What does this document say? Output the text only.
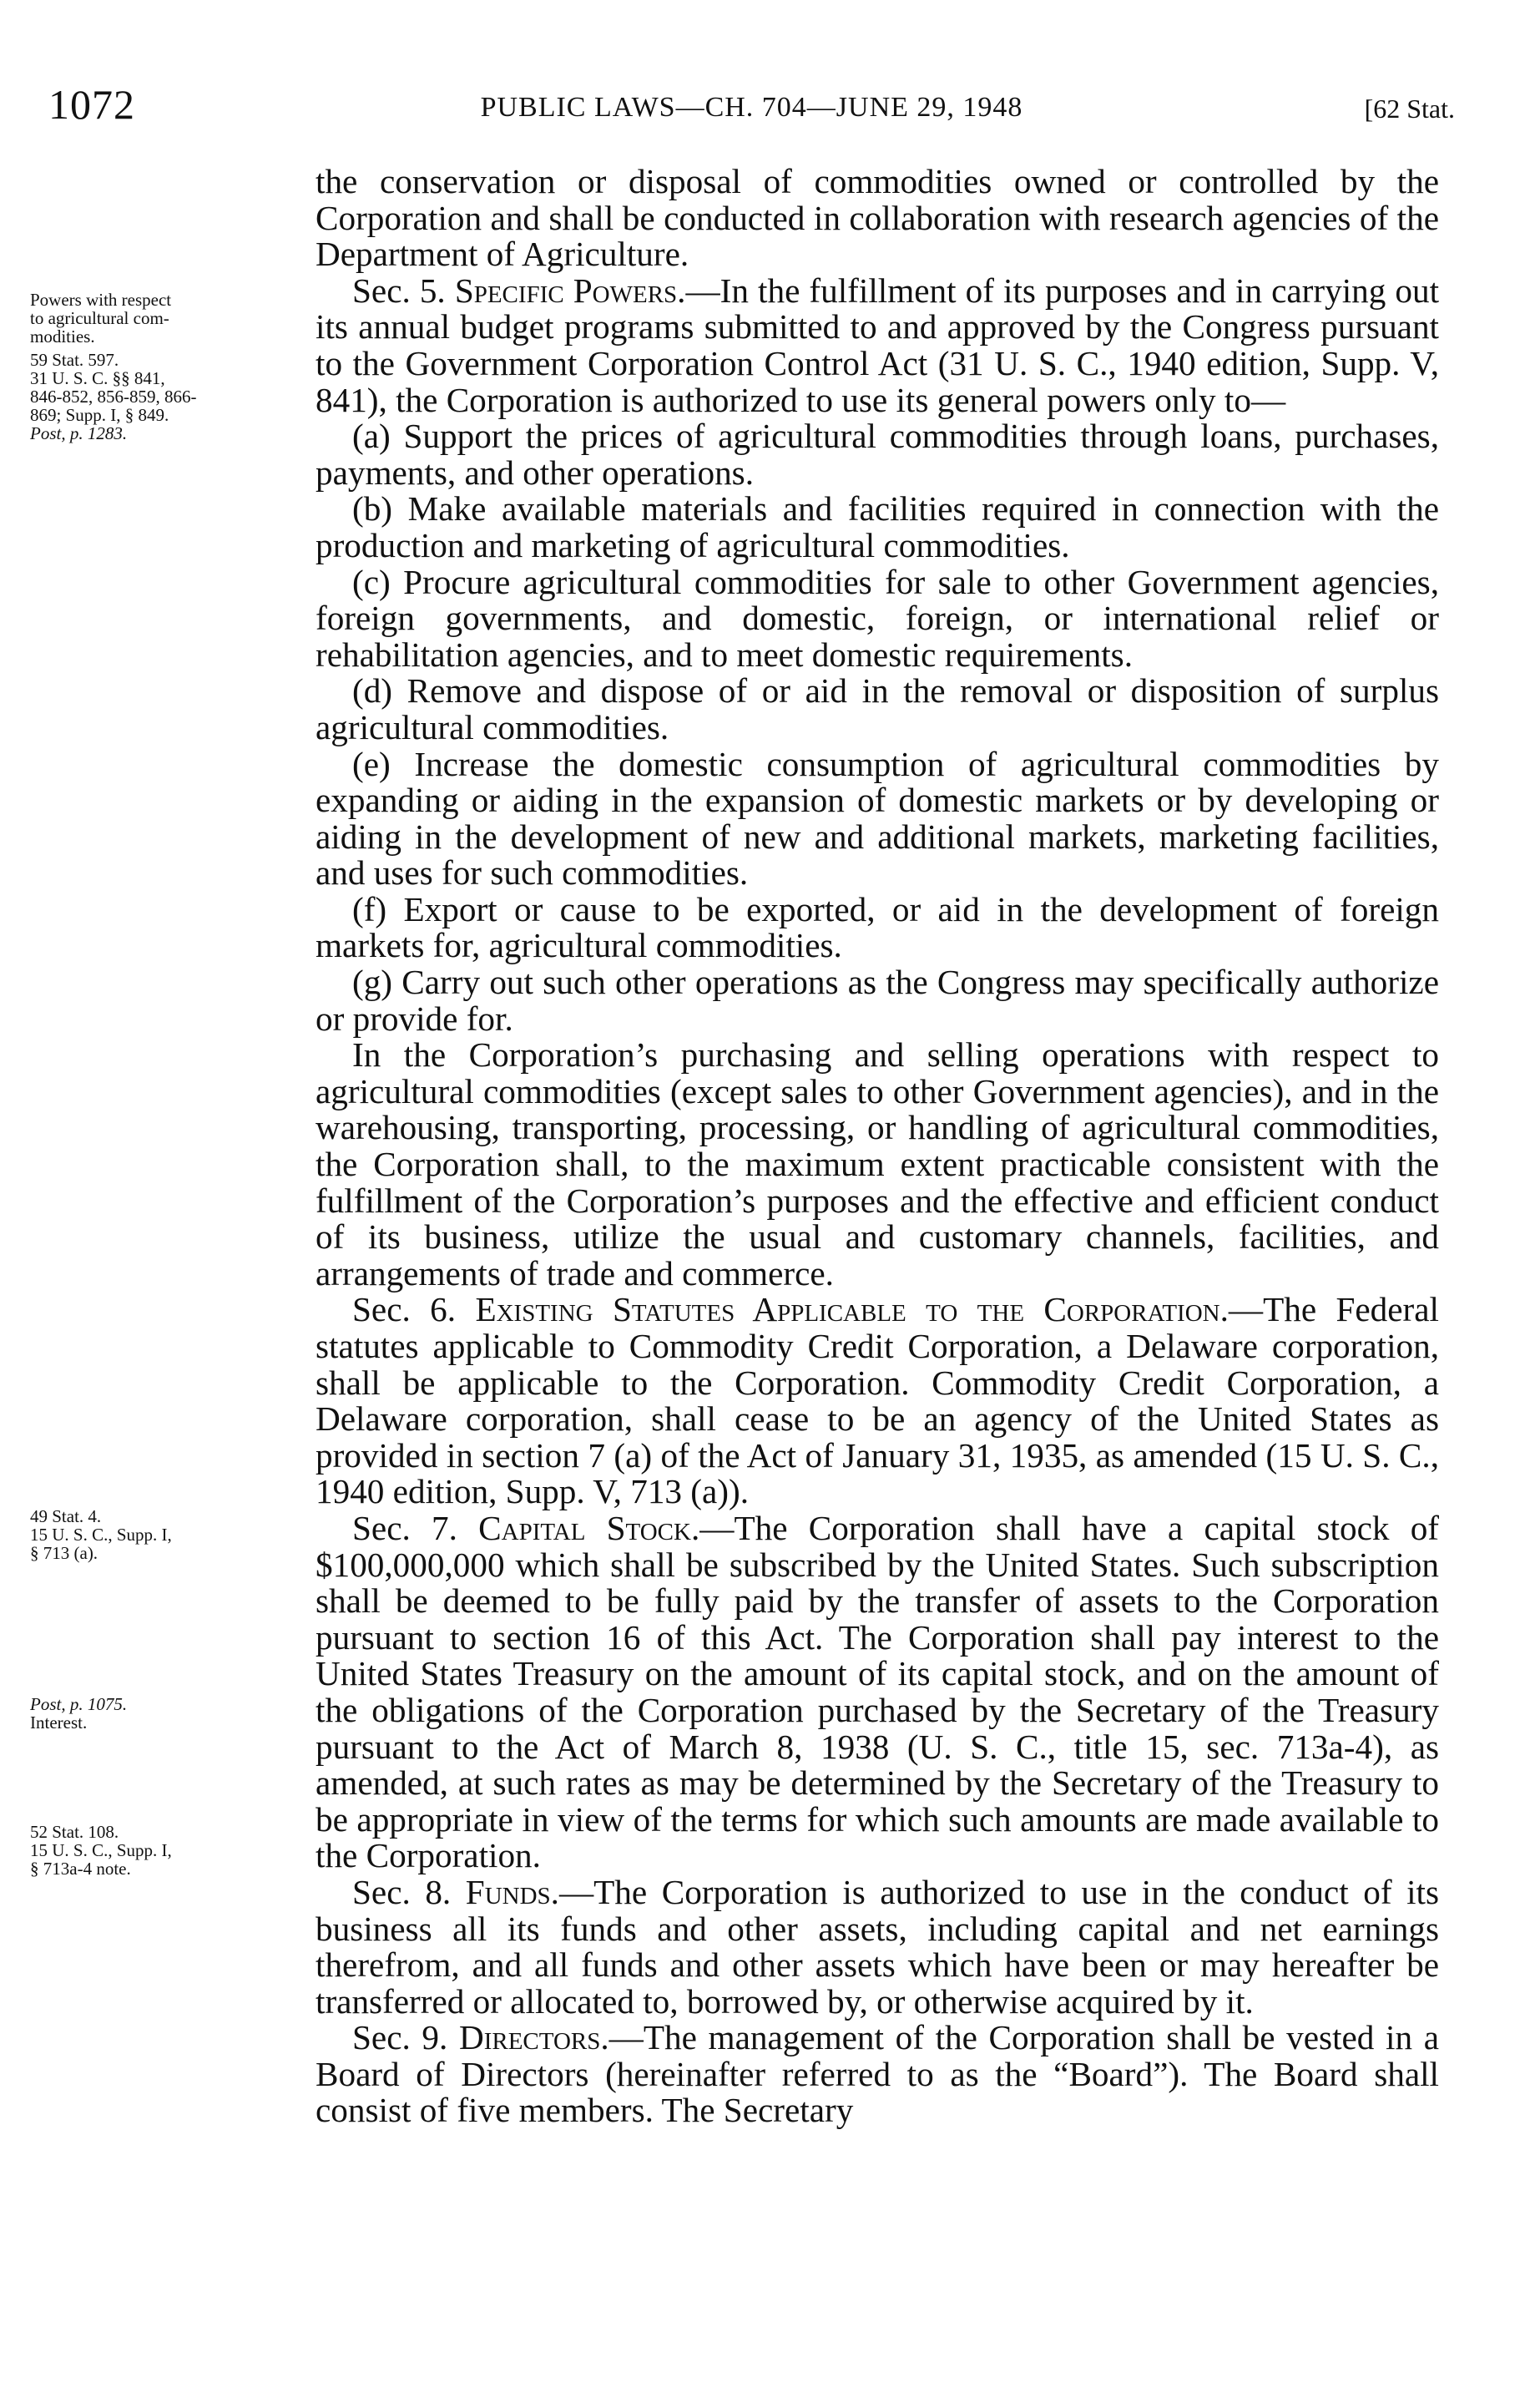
1072	PUBLIC LAWS—CH. 704—JUNE 29, 1948	[62 Stat.
Powers with respect
to agricultural com-
modities.
59 Stat. 597.
31 U. S. C. §§ 841,
846-852, 856-859, 866-
869; Supp. I, § 849.
Post, p. 1283.
49 Stat. 4.
15 U. S. C., Supp. I,
§ 713 (a).
Post, p. 1075.
Interest.
52 Stat. 108.
15 U. S. C., Supp. I,
§ 713a-4 note.

the conservation or disposal of commodities owned or controlled by the Corporation and shall be conducted in collaboration with research agencies of the Department of Agriculture.

Sec. 5. Specific Powers.—In the fulfillment of its purposes and in carrying out its annual budget programs submitted to and approved by the Congress pursuant to the Government Corporation Control Act (31 U. S. C., 1940 edition, Supp. V, 841), the Corporation is authorized to use its general powers only to—

(a) Support the prices of agricultural commodities through loans, purchases, payments, and other operations.

(b) Make available materials and facilities required in connection with the production and marketing of agricultural commodities.

(c) Procure agricultural commodities for sale to other Government agencies, foreign governments, and domestic, foreign, or international relief or rehabilitation agencies, and to meet domestic requirements.

(d) Remove and dispose of or aid in the removal or disposition of surplus agricultural commodities.

(e) Increase the domestic consumption of agricultural commodities by expanding or aiding in the expansion of domestic markets or by developing or aiding in the development of new and additional markets, marketing facilities, and uses for such commodities.

(f) Export or cause to be exported, or aid in the development of foreign markets for, agricultural commodities.

(g) Carry out such other operations as the Congress may specifically authorize or provide for.

In the Corporation’s purchasing and selling operations with respect to agricultural commodities (except sales to other Government agencies), and in the warehousing, transporting, processing, or handling of agricultural commodities, the Corporation shall, to the maximum extent practicable consistent with the fulfillment of the Corporation’s purposes and the effective and efficient conduct of its business, utilize the usual and customary channels, facilities, and arrangements of trade and commerce.

Sec. 6. Existing Statutes Applicable to the Corporation.—The Federal statutes applicable to Commodity Credit Corporation, a Delaware corporation, shall be applicable to the Corporation. Commodity Credit Corporation, a Delaware corporation, shall cease to be an agency of the United States as provided in section 7 (a) of the Act of January 31, 1935, as amended (15 U. S. C., 1940 edition, Supp. V, 713 (a)).

Sec. 7. Capital Stock.—The Corporation shall have a capital stock of $100,000,000 which shall be subscribed by the United States. Such subscription shall be deemed to be fully paid by the transfer of assets to the Corporation pursuant to section 16 of this Act. The Corporation shall pay interest to the United States Treasury on the amount of its capital stock, and on the amount of the obligations of the Corporation purchased by the Secretary of the Treasury pursuant to the Act of March 8, 1938 (U. S. C., title 15, sec. 713a-4), as amended, at such rates as may be determined by the Secretary of the Treasury to be appropriate in view of the terms for which such amounts are made available to the Corporation.

Sec. 8. Funds.—The Corporation is authorized to use in the conduct of its business all its funds and other assets, including capital and net earnings therefrom, and all funds and other assets which have been or may hereafter be transferred or allocated to, borrowed by, or otherwise acquired by it.

Sec. 9. Directors.—The management of the Corporation shall be vested in a Board of Directors (hereinafter referred to as the “Board”). The Board shall consist of five members. The Secretary
